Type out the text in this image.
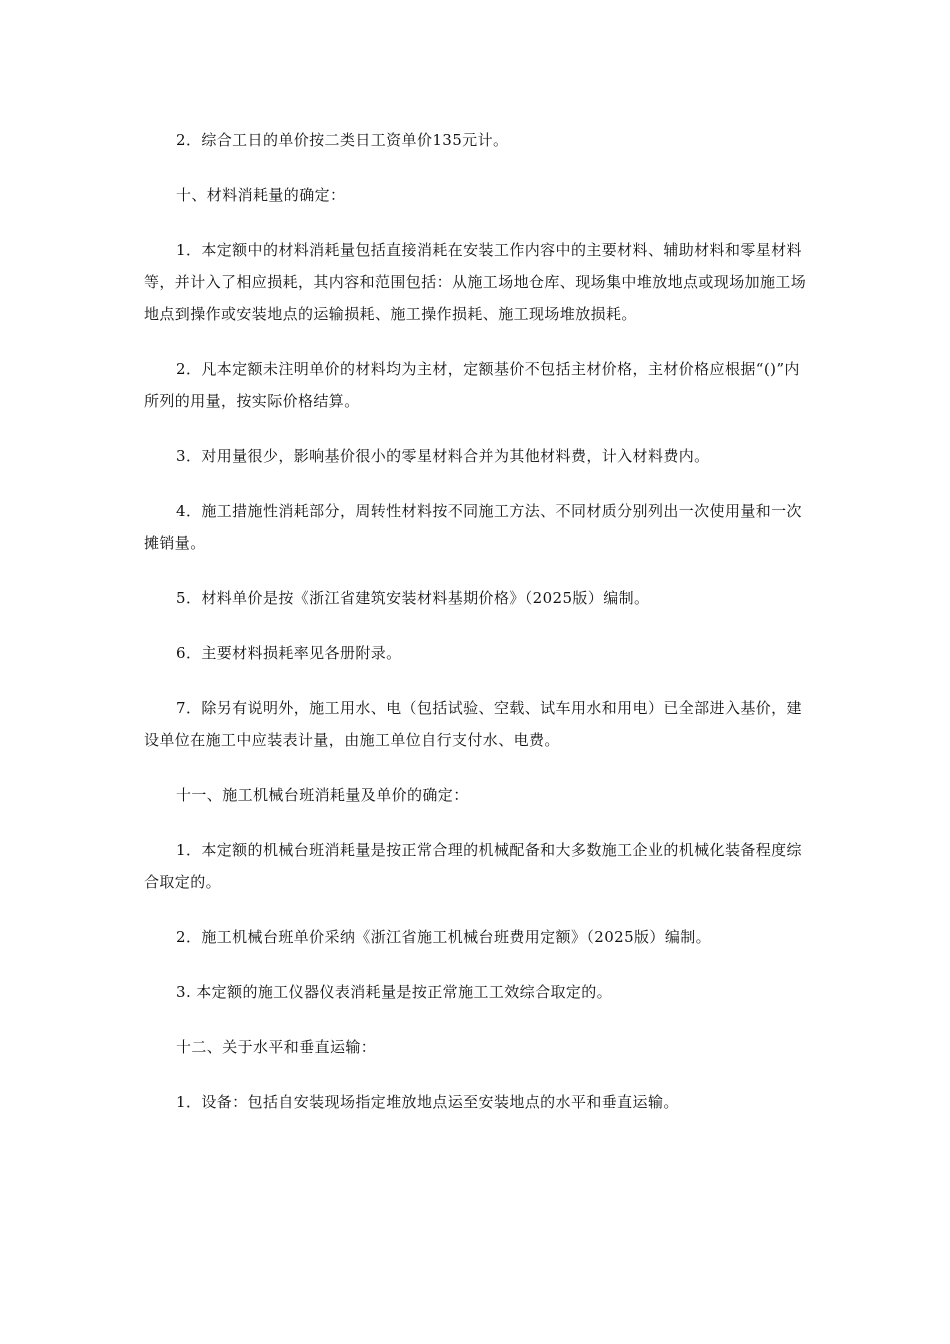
2．综合工日的单价按二类日工资单价135元计。

十、材料消耗量的确定：

1．本定额中的材料消耗量包括直接消耗在安装工作内容中的主要材料、辅助材料和零星材料等，并计入了相应损耗，其内容和范围包括：从施工场地仓库、现场集中堆放地点或现场加施工场地点到操作或安装地点的运输损耗、施工操作损耗、施工现场堆放损耗。

2．凡本定额未注明单价的材料均为主材，定额基价不包括主材价格，主材价格应根据“()”内所列的用量，按实际价格结算。

3．对用量很少，影响基价很小的零星材料合并为其他材料费，计入材料费内。

4．施工措施性消耗部分，周转性材料按不同施工方法、不同材质分别列出一次使用量和一次摊销量。

5．材料单价是按《浙江省建筑安装材料基期价格》（2025版）编制。

6．主要材料损耗率见各册附录。

7．除另有说明外，施工用水、电（包括试验、空载、试车用水和用电）已全部进入基价，建设单位在施工中应装表计量，由施工单位自行支付水、电费。

十一、施工机械台班消耗量及单价的确定：

1．本定额的机械台班消耗量是按正常合理的机械配备和大多数施工企业的机械化装备程度综合取定的。

2．施工机械台班单价采纳《浙江省施工机械台班费用定额》（2025版）编制。

3. 本定额的施工仪器仪表消耗量是按正常施工工效综合取定的。

十二、关于水平和垂直运输：

1．设备：包括自安装现场指定堆放地点运至安装地点的水平和垂直运输。
